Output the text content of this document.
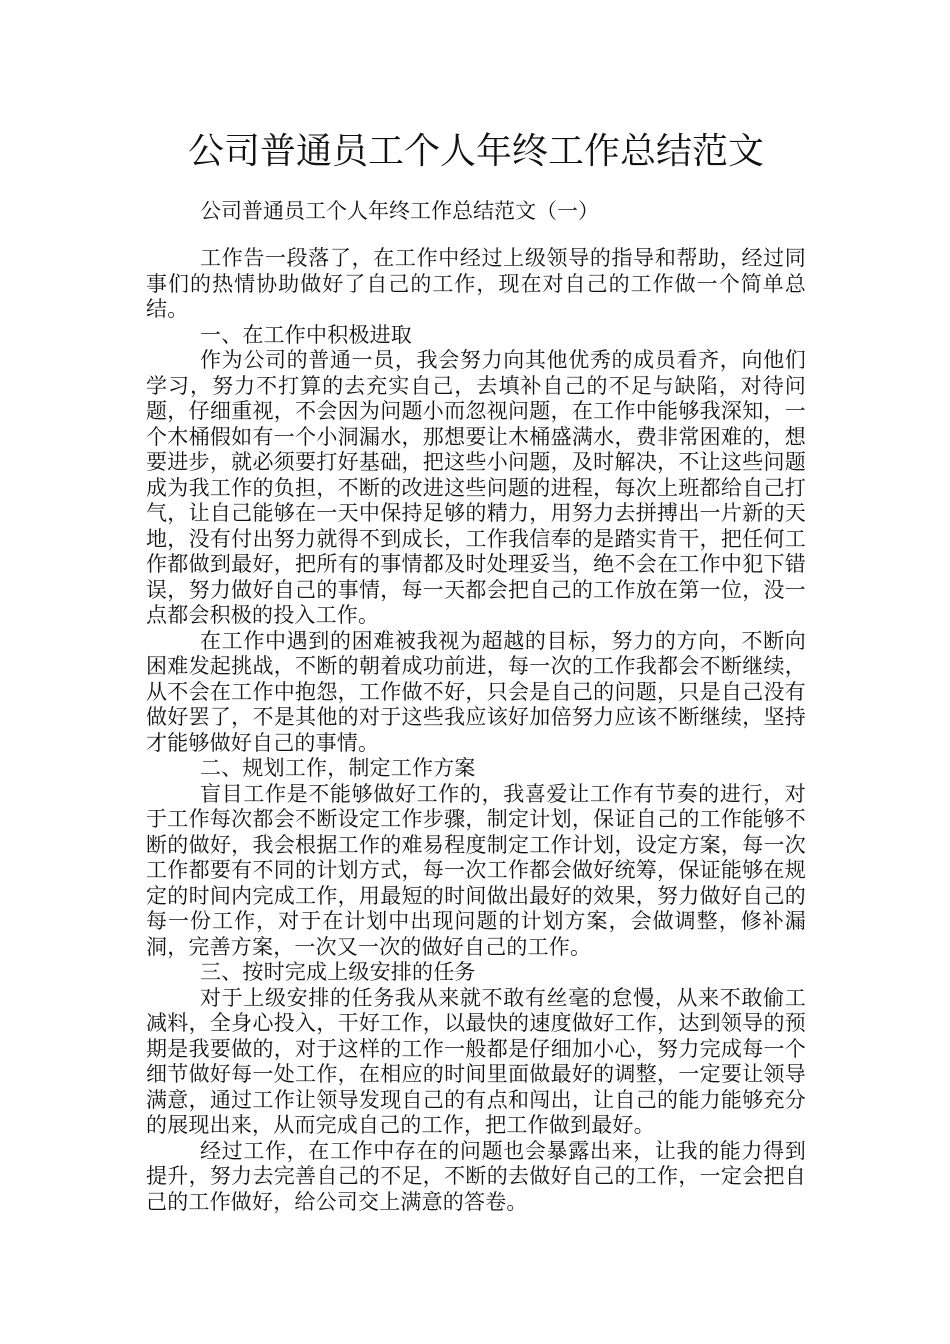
公司普通员工个人年终工作总结范文

公司普通员工个人年终工作总结范文（一）

工作告一段落了，在工作中经过上级领导的指导和帮助，经过同事们的热情协助做好了自己的工作，现在对自己的工作做一个简单总结。

一、在工作中积极进取

作为公司的普通一员，我会努力向其他优秀的成员看齐，向他们学习，努力不打算的去充实自己，去填补自己的不足与缺陷，对待问题，仔细重视，不会因为问题小而忽视问题，在工作中能够我深知，一个木桶假如有一个小洞漏水，那想要让木桶盛满水，费非常困难的，想要进步，就必须要打好基础，把这些小问题，及时解决，不让这些问题成为我工作的负担，不断的改进这些问题的进程，每次上班都给自己打气，让自己能够在一天中保持足够的精力，用努力去拼搏出一片新的天地，没有付出努力就得不到成长，工作我信奉的是踏实肯干，把任何工作都做到最好，把所有的事情都及时处理妥当，绝不会在工作中犯下错误，努力做好自己的事情，每一天都会把自己的工作放在第一位，没一点都会积极的投入工作。

在工作中遇到的困难被我视为超越的目标，努力的方向，不断向困难发起挑战，不断的朝着成功前进，每一次的工作我都会不断继续，从不会在工作中抱怨，工作做不好，只会是自己的问题，只是自己没有做好罢了，不是其他的对于这些我应该好加倍努力应该不断继续，坚持才能够做好自己的事情。

二、规划工作，制定工作方案

盲目工作是不能够做好工作的，我喜爱让工作有节奏的进行，对于工作每次都会不断设定工作步骤，制定计划，保证自己的工作能够不断的做好，我会根据工作的难易程度制定工作计划，设定方案，每一次工作都要有不同的计划方式，每一次工作都会做好统筹，保证能够在规定的时间内完成工作，用最短的时间做出最好的效果，努力做好自己的每一份工作，对于在计划中出现问题的计划方案，会做调整，修补漏洞，完善方案，一次又一次的做好自己的工作。

三、按时完成上级安排的任务

对于上级安排的任务我从来就不敢有丝毫的怠慢，从来不敢偷工减料，全身心投入，干好工作，以最快的速度做好工作，达到领导的预期是我要做的，对于这样的工作一般都是仔细加小心，努力完成每一个细节做好每一处工作，在相应的时间里面做最好的调整，一定要让领导满意，通过工作让领导发现自己的有点和闯出，让自己的能力能够充分的展现出来，从而完成自己的工作，把工作做到最好。

经过工作，在工作中存在的问题也会暴露出来，让我的能力得到提升，努力去完善自己的不足，不断的去做好自己的工作，一定会把自己的工作做好，给公司交上满意的答卷。
